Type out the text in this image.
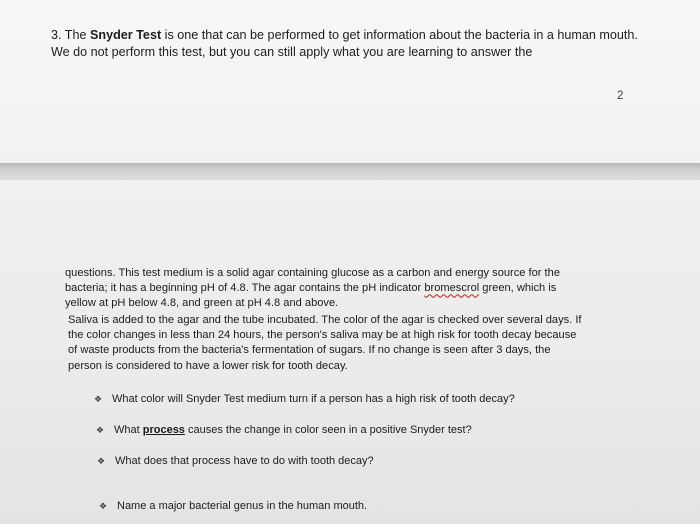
3. The Snyder Test is one that can be performed to get information about the bacteria in a human mouth. We do not perform this test, but you can still apply what you are learning to answer the

2

questions. This test medium is a solid agar containing glucose as a carbon and energy source for the
bacteria; it has a beginning pH of 4.8. The agar contains the pH indicator bromescrol green, which is
yellow at pH below 4.8, and green at pH 4.8 and above.

Saliva is added to the agar and the tube incubated. The color of the agar is checked over several days. If
the color changes in less than 24 hours, the person's saliva may be at high risk for tooth decay because
of waste products from the bacteria's fermentation of sugars. If no change is seen after 3 days, the
person is considered to have a lower risk for tooth decay.

❖ What color will Snyder Test medium turn if a person has a high risk of tooth decay?
❖ What process causes the change in color seen in a positive Snyder test?
❖ What does that process have to do with tooth decay?
❖ Name a major bacterial genus in the human mouth.
